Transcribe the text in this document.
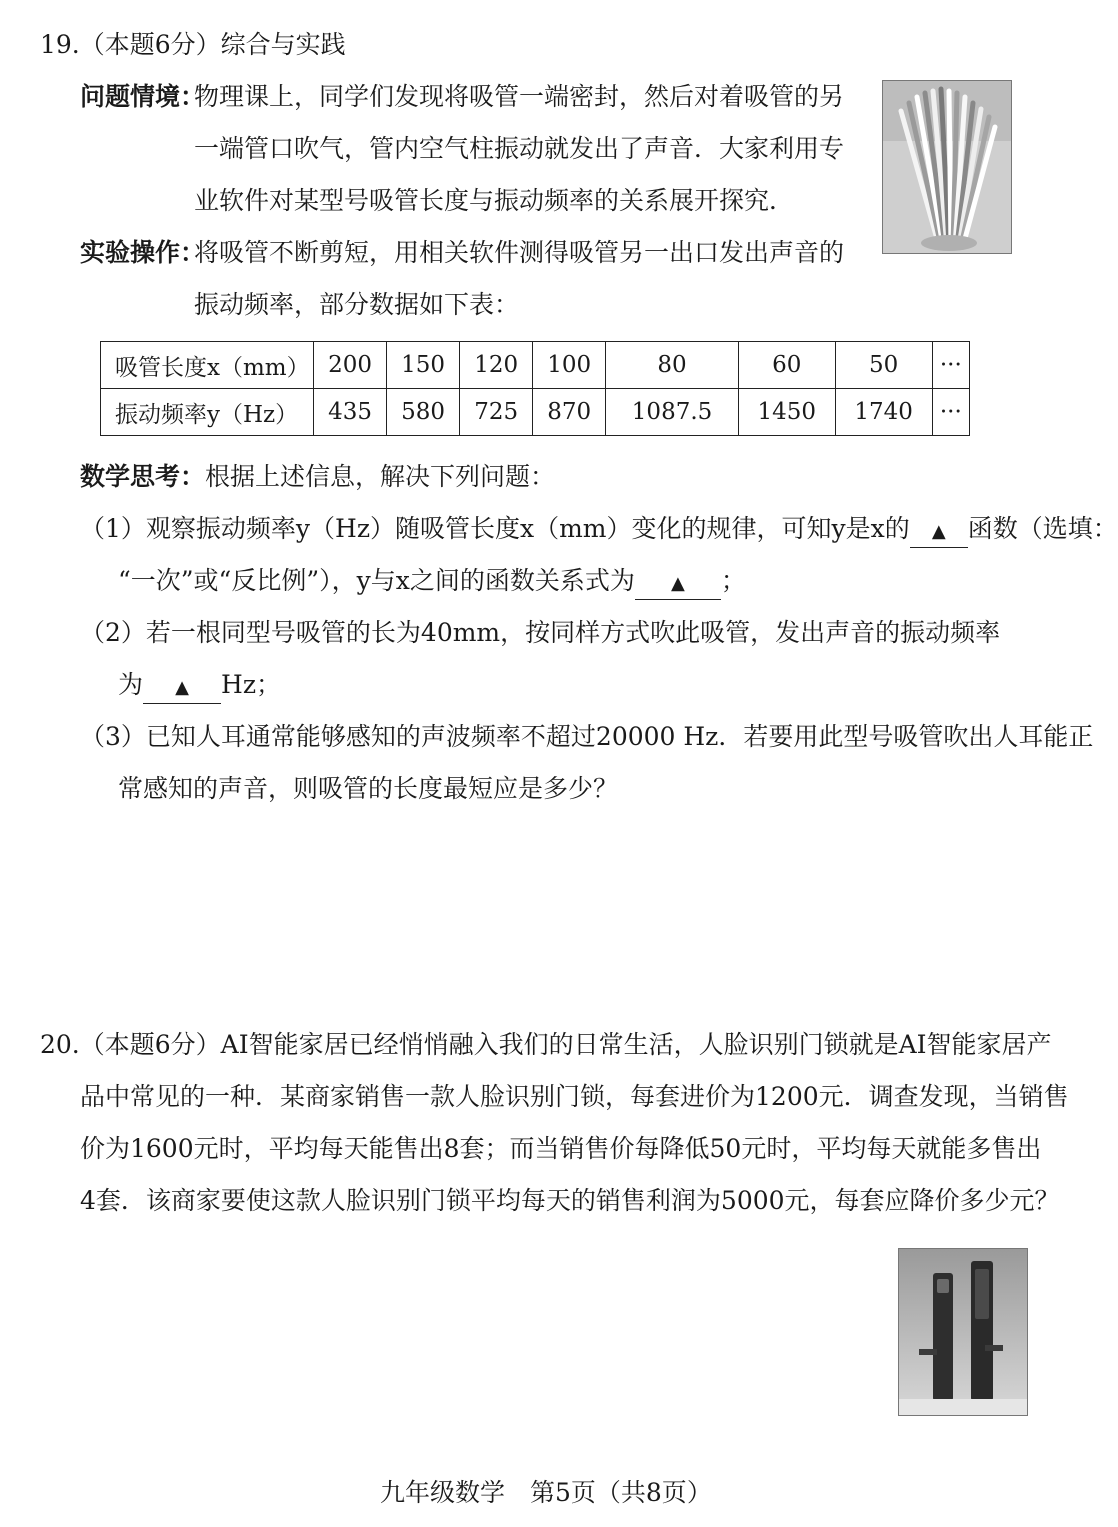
19.（本题6分）综合与实践
问题情境：
物理课上，同学们发现将吸管一端密封，然后对着吸管的另
一端管口吹气，管内空气柱振动就发出了声音．大家利用专
业软件对某型号吸管长度与振动频率的关系展开探究．
实验操作：
将吸管不断剪短，用相关软件测得吸管另一出口发出声音的
振动频率，部分数据如下表：
吸管长度x（mm）	200	150	120	100	80	60	50	···
振动频率y（Hz）	435	580	725	870	1087.5	1450	1740	···
数学思考：根据上述信息，解决下列问题：
（1）观察振动频率y（Hz）随吸管长度x（mm）变化的规律，可知y是x的 ▲ 函数（选填：
“一次”或“反比例”），y与x之间的函数关系式为 ▲ ；
（2）若一根同型号吸管的长为40mm，按同样方式吹此吸管，发出声音的振动频率
为 ▲ Hz；
（3）已知人耳通常能够感知的声波频率不超过20000 Hz．若要用此型号吸管吹出人耳能正
常感知的声音，则吸管的长度最短应是多少？
20.（本题6分）AI智能家居已经悄悄融入我们的日常生活，人脸识别门锁就是AI智能家居产
品中常见的一种．某商家销售一款人脸识别门锁，每套进价为1200元．调查发现，当销售
价为1600元时，平均每天能售出8套；而当销售价每降低50元时，平均每天就能多售出
4套．该商家要使这款人脸识别门锁平均每天的销售利润为5000元，每套应降价多少元？
九年级数学　第5页（共8页）
